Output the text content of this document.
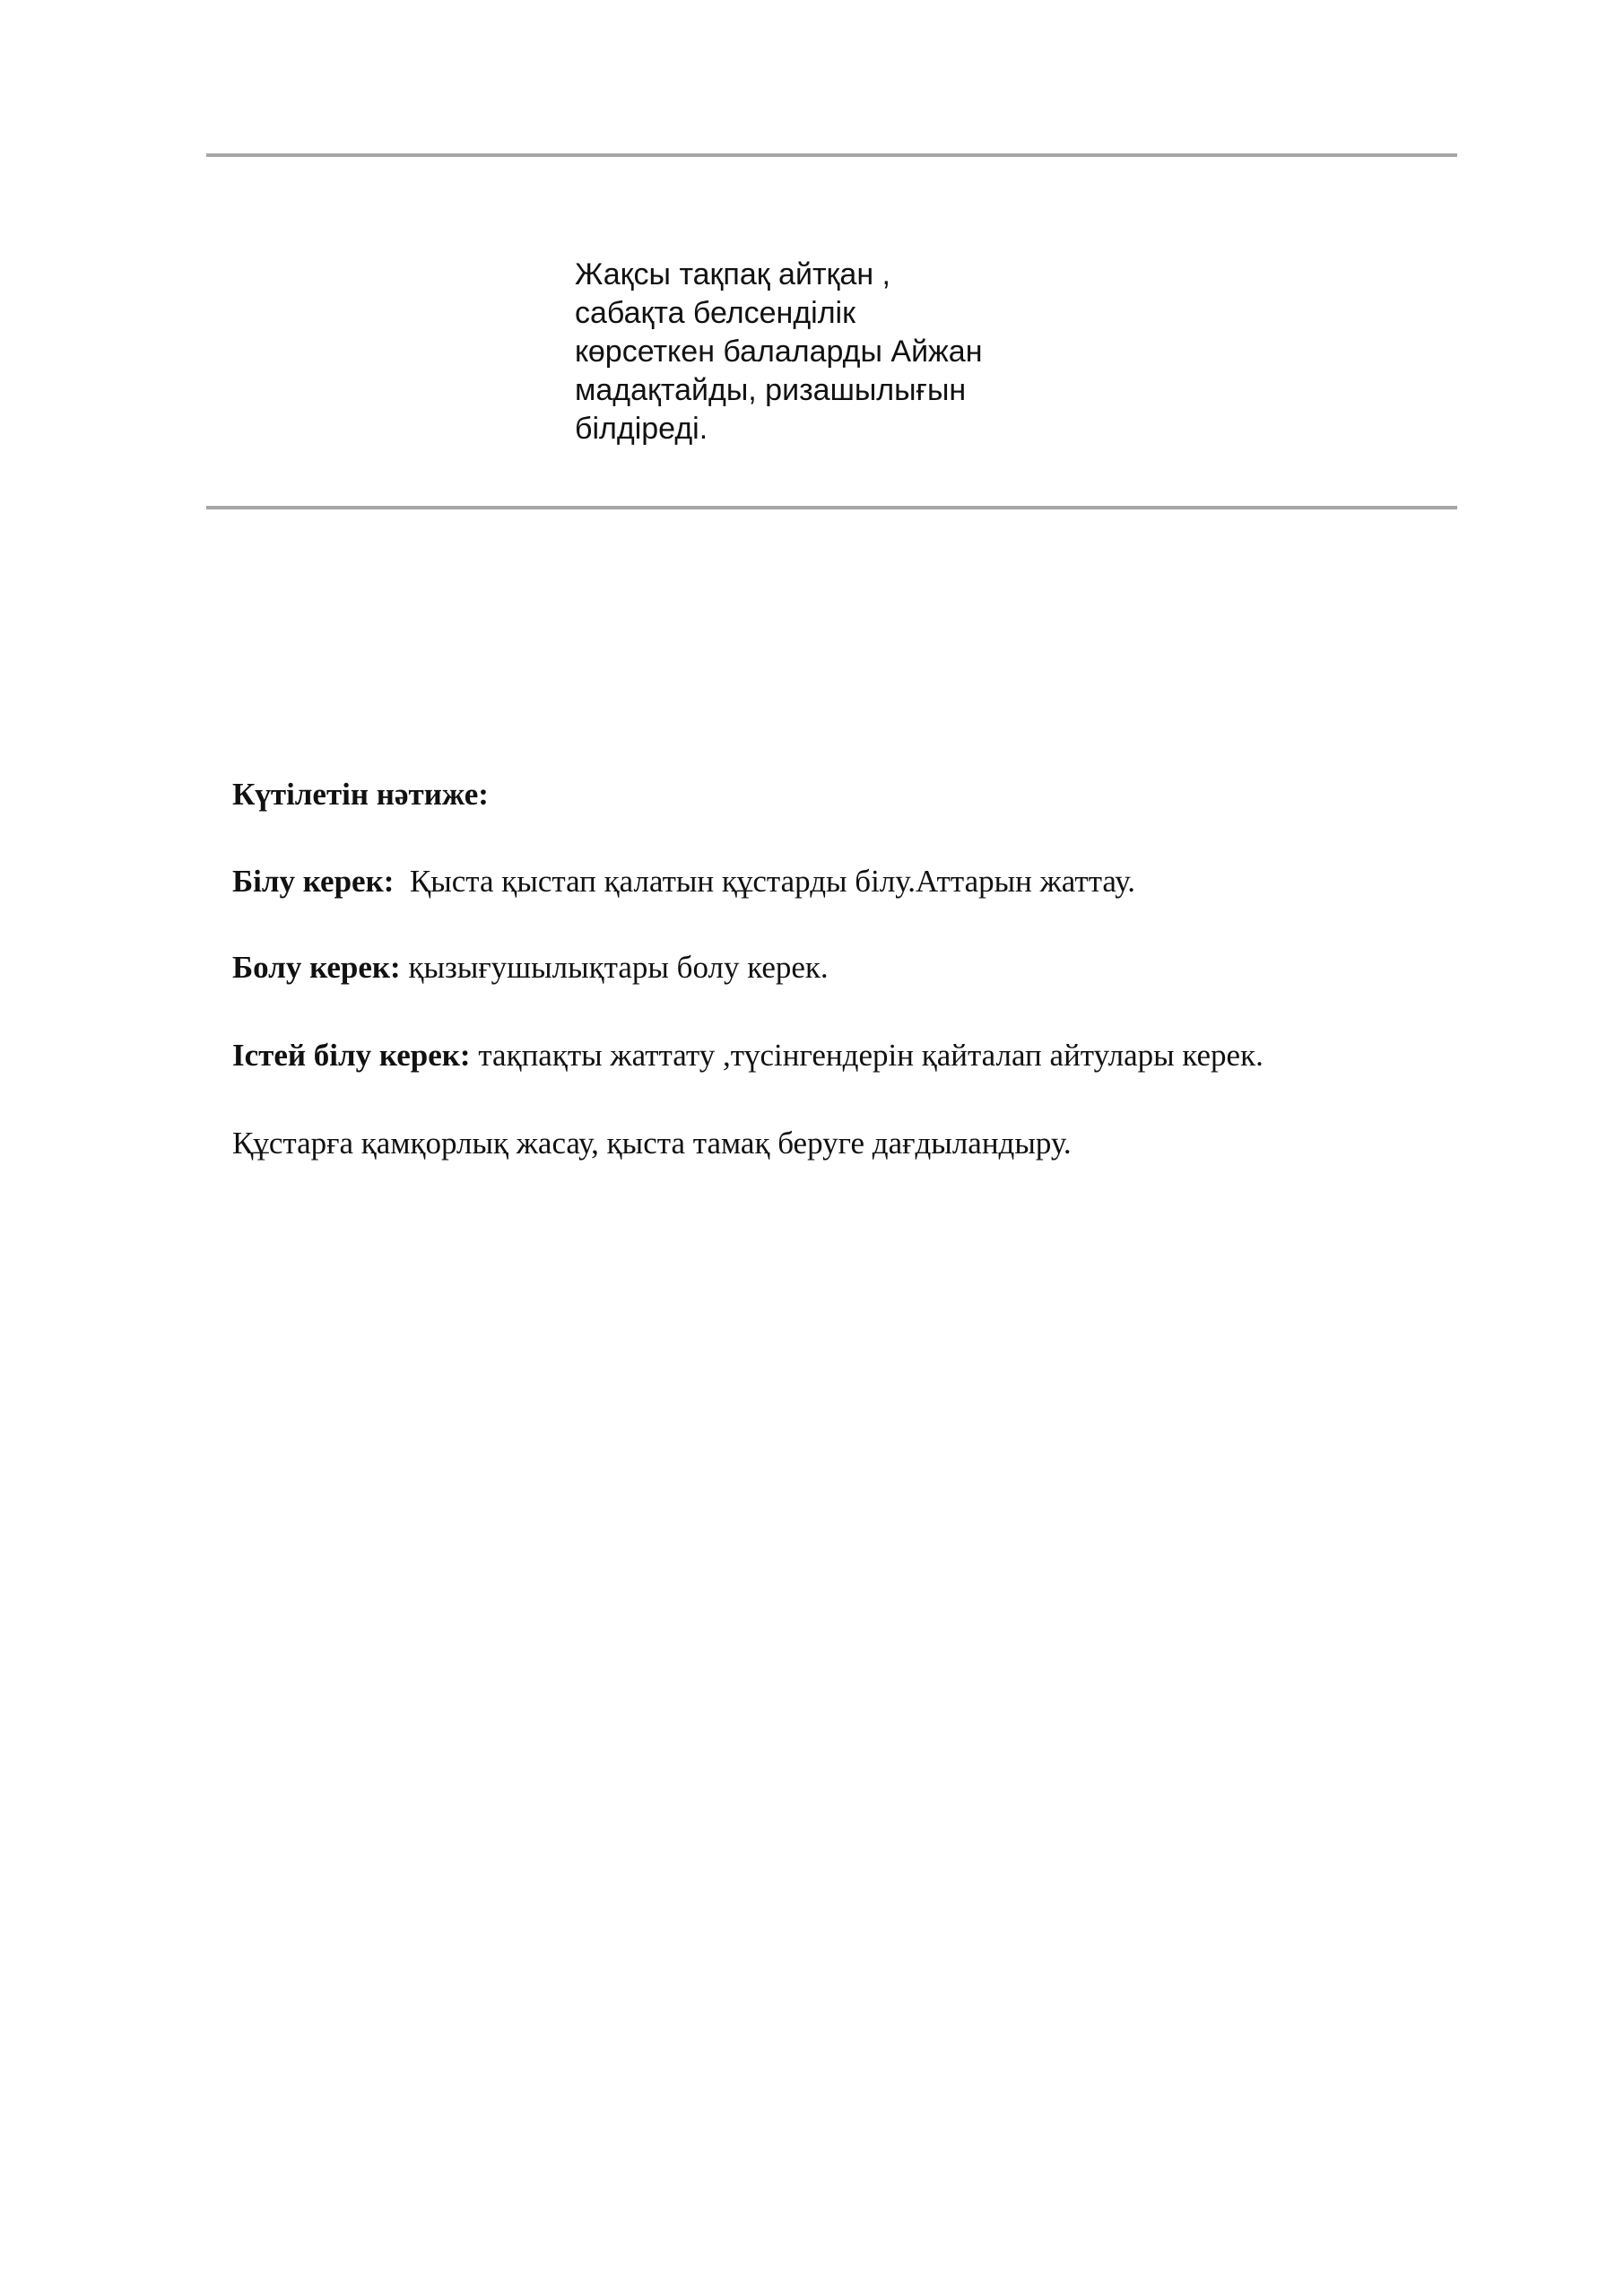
Жақсы тақпақ айтқан ,
сабақта белсенділік
көрсеткен балаларды Айжан
мадақтайды, ризашылығын
білдіреді.
Күтілетін нәтиже:
Білу керек:  Қыста қыстап қалатын құстарды білу.Аттарын жаттау.
Болу керек: қызығушылықтары болу керек.
Істей білу керек: тақпақты жаттату ,түсінгендерін қайталап айтулары керек.
Құстарға қамқорлық жасау, қыста тамақ беруге дағдыландыру.
